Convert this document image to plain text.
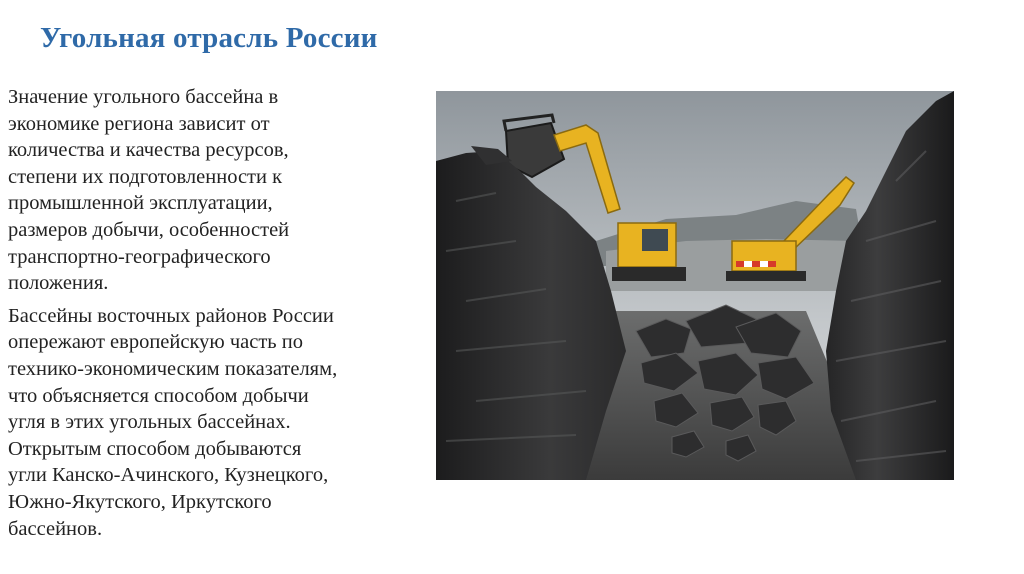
Угольная отрасль России

Значение угольного бассейна в
экономике региона зависит от
количества и качества ресурсов,
степени их подготовленности к
промышленной эксплуатации,
размеров добычи, особенностей
транспортно-географического
положения.

Бассейны восточных районов России
опережают европейскую часть по
технико-экономическим показателям,
что объясняется способом добычи
угля в этих угольных бассейнах.
Открытым способом добываются
угли Канско-Ачинского, Кузнецкого,
Южно-Якутского, Иркутского
бассейнов.
